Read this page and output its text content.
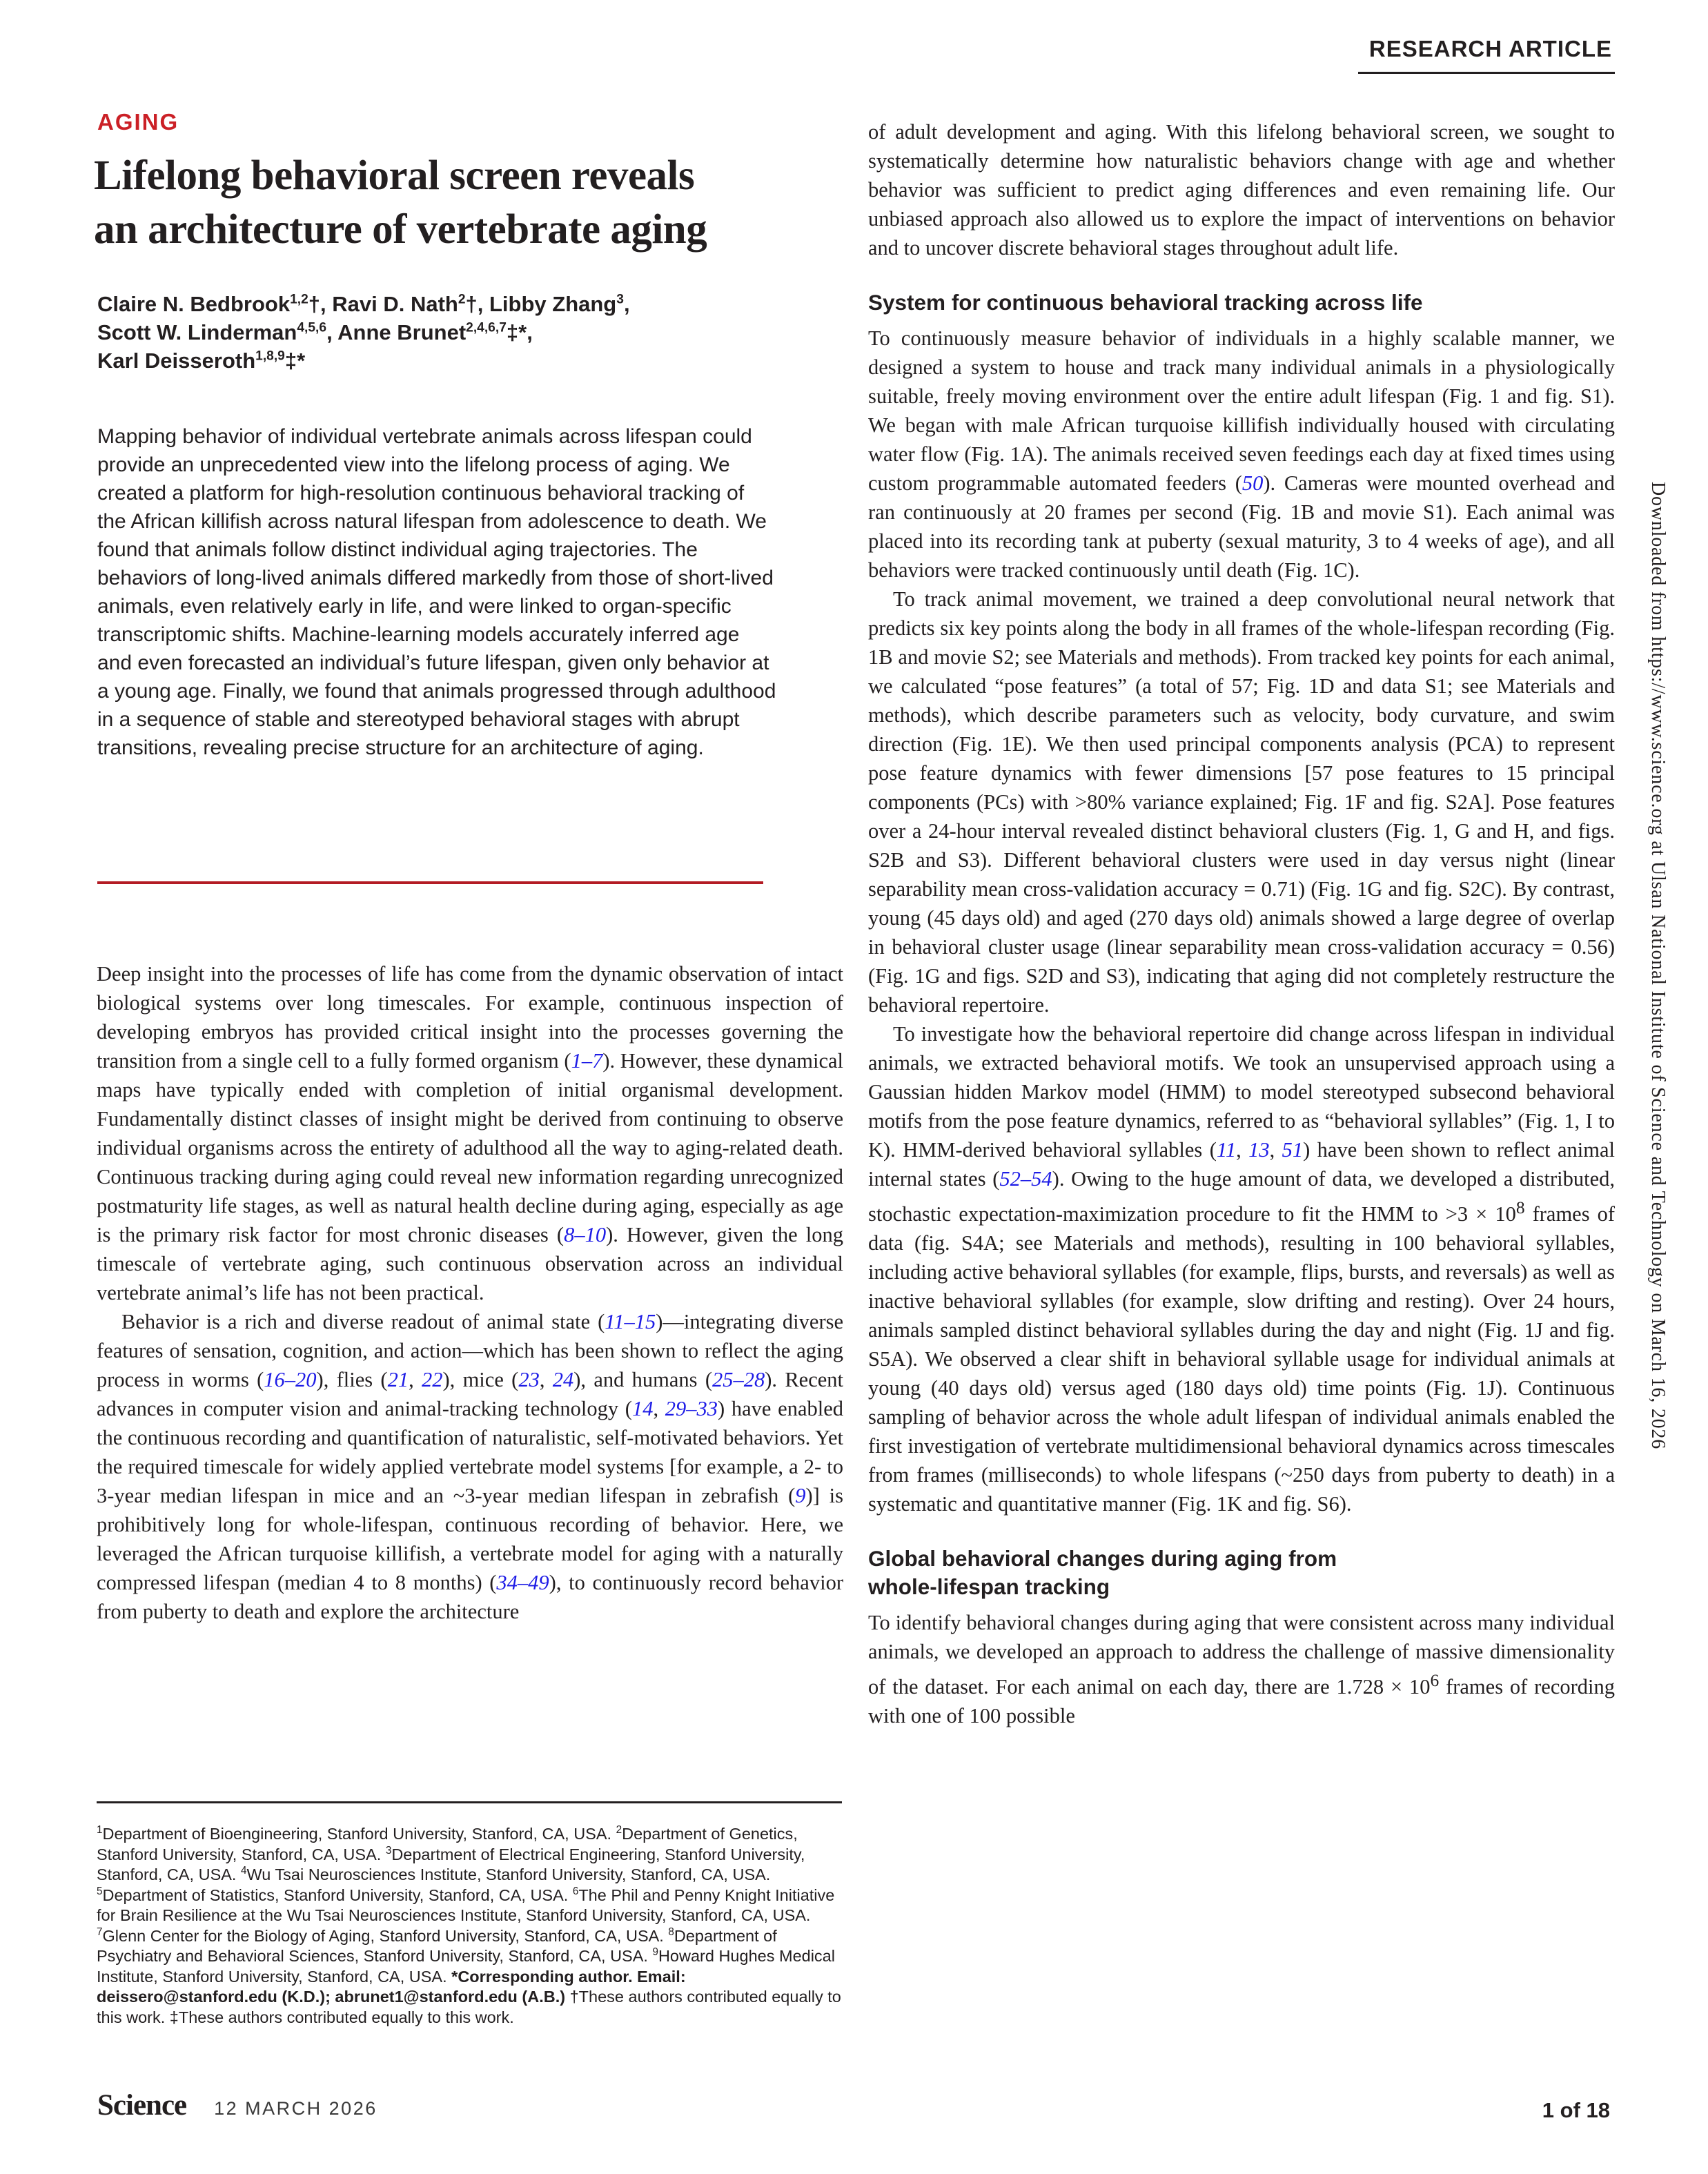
RESEARCH ARTICLE
AGING
Lifelong behavioral screen reveals
an architecture of vertebrate aging
Claire N. Bedbrook$^{1,2}$†, Ravi D. Nath$^2$†, Libby Zhang$^3$,
Scott W. Linderman$^{4,5,6}$, Anne Brunet$^{2,4,6,7}$‡*,
Karl Deisseroth$^{1,8,9}$‡*

Mapping behavior of individual vertebrate animals across lifespan could provide an unprecedented view into the lifelong process of aging. We created a platform for high-resolution continuous behavioral tracking of the African killifish across natural lifespan from adolescence to death. We found that animals follow distinct individual aging trajectories. The behaviors of long-lived animals differed markedly from those of short-lived animals, even relatively early in life, and were linked to organ-specific transcriptomic shifts. Machine-learning models accurately inferred age and even forecasted an individual’s future lifespan, given only behavior at a young age. Finally, we found that animals progressed through adulthood in a sequence of stable and stereotyped behavioral stages with abrupt transitions, revealing precise structure for an architecture of aging.

Deep insight into the processes of life has come from the dynamic observation of intact biological systems over long timescales. For example, continuous inspection of developing embryos has provided critical insight into the processes governing the transition from a single cell to a fully formed organism (1–7). However, these dynamical maps have typically ended with completion of initial organismal development. Fundamentally distinct classes of insight might be derived from continuing to observe individual organisms across the entirety of adulthood all the way to aging-related death. Continuous tracking during aging could reveal new information regarding unrecognized postmaturity life stages, as well as natural health decline during aging, especially as age is the primary risk factor for most chronic diseases (8–10). However, given the long timescale of vertebrate aging, such continuous observation across an individual vertebrate animal’s life has not been practical.

Behavior is a rich and diverse readout of animal state (11–15)—integrating diverse features of sensation, cognition, and action—which has been shown to reflect the aging process in worms (16–20), flies (21, 22), mice (23, 24), and humans (25–28). Recent advances in computer vision and animal-tracking technology (14, 29–33) have enabled the continuous recording and quantification of naturalistic, self-motivated behaviors. Yet the required timescale for widely applied vertebrate model systems [for example, a 2- to 3-year median lifespan in mice and an ~3-year median lifespan in zebrafish (9)] is prohibitively long for whole-lifespan, continuous recording of behavior. Here, we leveraged the African turquoise killifish, a vertebrate model for aging with a naturally compressed lifespan (median 4 to 8 months) (34–49), to continuously record behavior from puberty to death and explore the architecture

of adult development and aging. With this lifelong behavioral screen, we sought to systematically determine how naturalistic behaviors change with age and whether behavior was sufficient to predict aging differences and even remaining life. Our unbiased approach also allowed us to explore the impact of interventions on behavior and to uncover discrete behavioral stages throughout adult life.

System for continuous behavioral tracking across life

To continuously measure behavior of individuals in a highly scalable manner, we designed a system to house and track many individual animals in a physiologically suitable, freely moving environment over the entire adult lifespan (Fig. 1 and fig. S1). We began with male African turquoise killifish individually housed with circulating water flow (Fig. 1A). The animals received seven feedings each day at fixed times using custom programmable automated feeders (50). Cameras were mounted overhead and ran continuously at 20 frames per second (Fig. 1B and movie S1). Each animal was placed into its recording tank at puberty (sexual maturity, 3 to 4 weeks of age), and all behaviors were tracked continuously until death (Fig. 1C).

To track animal movement, we trained a deep convolutional neural network that predicts six key points along the body in all frames of the whole-lifespan recording (Fig. 1B and movie S2; see Materials and methods). From tracked key points for each animal, we calculated “pose features” (a total of 57; Fig. 1D and data S1; see Materials and methods), which describe parameters such as velocity, body curvature, and swim direction (Fig. 1E). We then used principal components analysis (PCA) to represent pose feature dynamics with fewer dimensions [57 pose features to 15 principal components (PCs) with >80% variance explained; Fig. 1F and fig. S2A]. Pose features over a 24-hour interval revealed distinct behavioral clusters (Fig. 1, G and H, and figs. S2B and S3). Different behavioral clusters were used in day versus night (linear separability mean cross-validation accuracy = 0.71) (Fig. 1G and fig. S2C). By contrast, young (45 days old) and aged (270 days old) animals showed a large degree of overlap in behavioral cluster usage (linear separability mean cross-validation accuracy = 0.56) (Fig. 1G and figs. S2D and S3), indicating that aging did not completely restructure the behavioral repertoire.

To investigate how the behavioral repertoire did change across lifespan in individual animals, we extracted behavioral motifs. We took an unsupervised approach using a Gaussian hidden Markov model (HMM) to model stereotyped subsecond behavioral motifs from the pose feature dynamics, referred to as “behavioral syllables” (Fig. 1, I to K). HMM-derived behavioral syllables (11, 13, 51) have been shown to reflect animal internal states (52–54). Owing to the huge amount of data, we developed a distributed, stochastic expectation-maximization procedure to fit the HMM to $>3 \times 10^8$ frames of data (fig. S4A; see Materials and methods), resulting in 100 behavioral syllables, including active behavioral syllables (for example, flips, bursts, and reversals) as well as inactive behavioral syllables (for example, slow drifting and resting). Over 24 hours, animals sampled distinct behavioral syllables during the day and night (Fig. 1J and fig. S5A). We observed a clear shift in behavioral syllable usage for individual animals at young (40 days old) versus aged (180 days old) time points (Fig. 1J). Continuous sampling of behavior across the whole adult lifespan of individual animals enabled the first investigation of vertebrate multidimensional behavioral dynamics across timescales from frames (milliseconds) to whole lifespans (~250 days from puberty to death) in a systematic and quantitative manner (Fig. 1K and fig. S6).

Global behavioral changes during aging from
whole-lifespan tracking

To identify behavioral changes during aging that were consistent across many individual animals, we developed an approach to address the challenge of massive dimensionality of the dataset. For each animal on each day, there are $1.728 \times 10^6$ frames of recording with one of 100 possible

$^1$Department of Bioengineering, Stanford University, Stanford, CA, USA. $^2$Department of Genetics, Stanford University, Stanford, CA, USA. $^3$Department of Electrical Engineering, Stanford University, Stanford, CA, USA. $^4$Wu Tsai Neurosciences Institute, Stanford University, Stanford, CA, USA. $^5$Department of Statistics, Stanford University, Stanford, CA, USA. $^6$The Phil and Penny Knight Initiative for Brain Resilience at the Wu Tsai Neurosciences Institute, Stanford University, Stanford, CA, USA. $^7$Glenn Center for the Biology of Aging, Stanford University, Stanford, CA, USA. $^8$Department of Psychiatry and Behavioral Sciences, Stanford University, Stanford, CA, USA. $^9$Howard Hughes Medical Institute, Stanford University, Stanford, CA, USA. *Corresponding author. Email: deissero@stanford.edu (K.D.); abrunet1@stanford.edu (A.B.) †These authors contributed equally to this work. ‡These authors contributed equally to this work.

Science 12 MARCH 2026	1 of 18
Downloaded from https://www.science.org at Ulsan National Institute of Science and Technology on March 16, 2026
